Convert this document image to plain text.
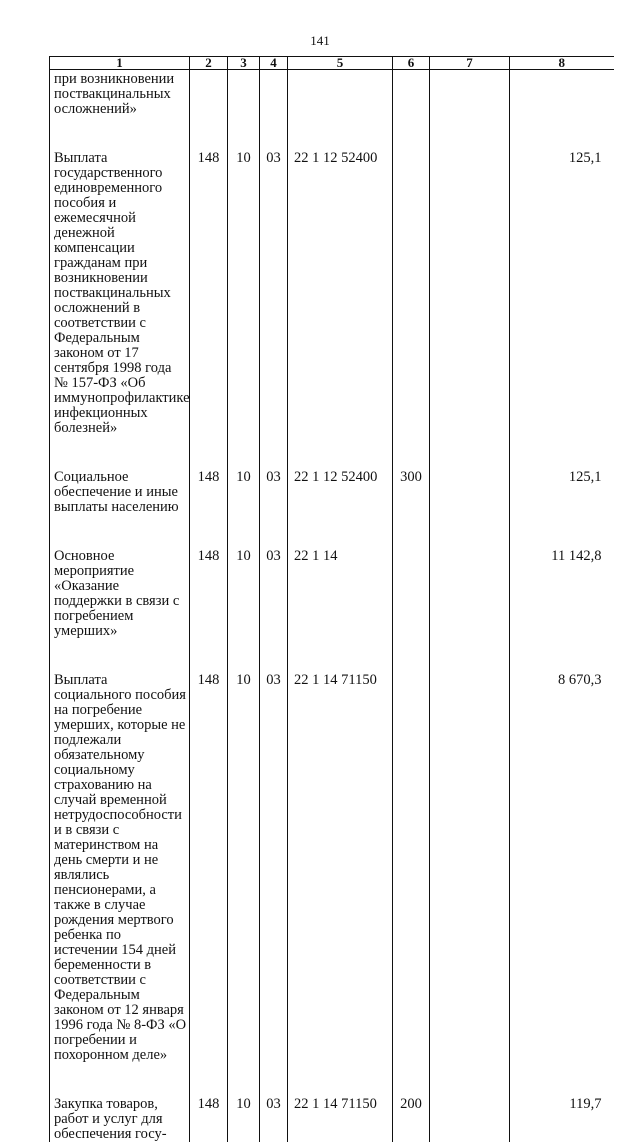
141
1	2	3	4	5	6	7	8

при возникновении поствакцинальных осложнений»							

Выплата государственного единовременного пособия и ежемесячной денежной компенсации гражданам при возникновении поствакцинальных осложнений в соответствии с Федеральным законом от 17 сентября 1998 года № 157-ФЗ «Об иммунопрофилактике инфекционных болезней»	148	10	03	22 1 12 52400			125,1

Социальное обеспечение и иные выплаты населению	148	10	03	22 1 12 52400	300		125,1

Основное мероприятие «Оказание поддержки в связи с погребением умерших»	148	10	03	22 1 14			11 142,8

Выплата социального пособия на погребение умерших, которые не подлежали обязательному социальному страхованию на случай временной нетрудоспособности и в связи с материнством на день смерти и не являлись пенсионерами, а также в случае рождения мертвого ребенка по истечении 154 дней беременности в соответствии с Федеральным законом от 12 января 1996 года № 8-ФЗ «О погребении и похоронном деле»	148	10	03	22 1 14 71150			8 670,3

Закупка товаров, работ и услуг для обеспечения госу-	148	10	03	22 1 14 71150	200		119,7
